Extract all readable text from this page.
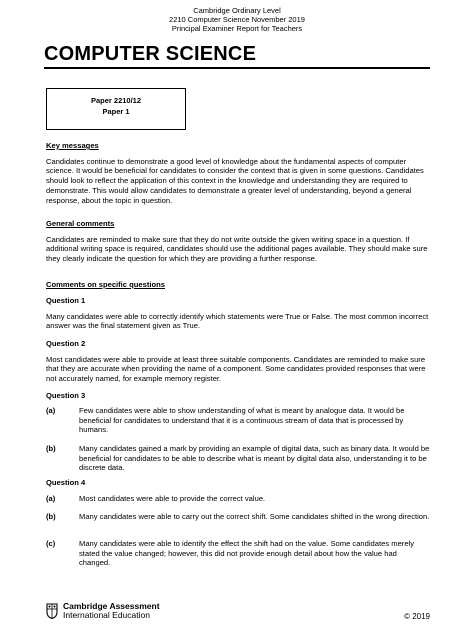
Cambridge Ordinary Level
2210 Computer Science November 2019
Principal Examiner Report for Teachers
COMPUTER SCIENCE
Paper 2210/12
Paper 1
Key messages

Candidates continue to demonstrate a good level of knowledge about the fundamental aspects of computer science. It would be beneficial for candidates to consider the context that is given in some questions. Candidates should look to reflect the application of this context in the knowledge and understanding they are required to demonstrate. This would allow candidates to demonstrate a greater level of understanding, beyond a general response, about the topic in question.

General comments

Candidates are reminded to make sure that they do not write outside the given writing space in a question. If additional writing space is required, candidates should use the additional pages available. They should make sure they clearly indicate the question for which they are providing a further response.

Comments on specific questions
Question 1

Many candidates were able to correctly identify which statements were True or False. The most common incorrect answer was the final statement given as True.

Question 2

Most candidates were able to provide at least three suitable components. Candidates are reminded to make sure that they are accurate when providing the name of a component. Some candidates provided responses that were not accurately named, for example memory register.

Question 3
(a)	Few candidates were able to show understanding of what is meant by analogue data. It would be beneficial for candidates to understand that it is a continuous stream of data that is processed by humans.
(b)	Many candidates gained a mark by providing an example of digital data, such as binary data. It would be beneficial for candidates to be able to describe what is meant by digital data also, understanding it to be discrete data.
Question 4
(a)	Most candidates were able to provide the correct value.
(b)	Many candidates were able to carry out the correct shift. Some candidates shifted in the wrong direction.
(c)	Many candidates were able to identify the effect the shift had on the value. Some candidates merely stated the value changed; however, this did not provide enough detail about how the value had changed.
Cambridge Assessment
International Education	© 2019
